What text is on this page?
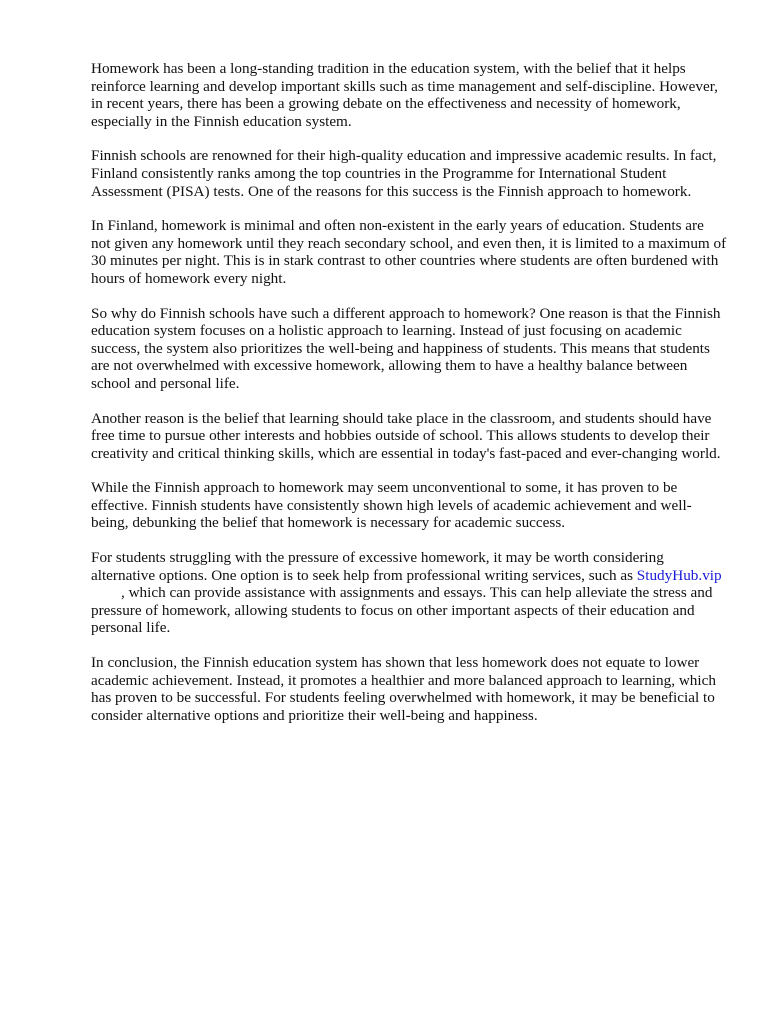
Homework has been a long-standing tradition in the education system, with the belief that it helps reinforce learning and develop important skills such as time management and self-discipline. However, in recent years, there has been a growing debate on the effectiveness and necessity of homework, especially in the Finnish education system.

Finnish schools are renowned for their high-quality education and impressive academic results. In fact, Finland consistently ranks among the top countries in the Programme for International Student Assessment (PISA) tests. One of the reasons for this success is the Finnish approach to homework.

In Finland, homework is minimal and often non-existent in the early years of education. Students are not given any homework until they reach secondary school, and even then, it is limited to a maximum of 30 minutes per night. This is in stark contrast to other countries where students are often burdened with hours of homework every night.

So why do Finnish schools have such a different approach to homework? One reason is that the Finnish education system focuses on a holistic approach to learning. Instead of just focusing on academic success, the system also prioritizes the well-being and happiness of students. This means that students are not overwhelmed with excessive homework, allowing them to have a healthy balance between school and personal life.

Another reason is the belief that learning should take place in the classroom, and students should have free time to pursue other interests and hobbies outside of school. This allows students to develop their creativity and critical thinking skills, which are essential in today's fast-paced and ever-changing world.

While the Finnish approach to homework may seem unconventional to some, it has proven to be effective. Finnish students have consistently shown high levels of academic achievement and well-being, debunking the belief that homework is necessary for academic success.

For students struggling with the pressure of excessive homework, it may be worth considering alternative options. One option is to seek help from professional writing services, such as StudyHub.vip, which can provide assistance with assignments and essays. This can help alleviate the stress and pressure of homework, allowing students to focus on other important aspects of their education and personal life.

In conclusion, the Finnish education system has shown that less homework does not equate to lower academic achievement. Instead, it promotes a healthier and more balanced approach to learning, which has proven to be successful. For students feeling overwhelmed with homework, it may be beneficial to consider alternative options and prioritize their well-being and happiness.
